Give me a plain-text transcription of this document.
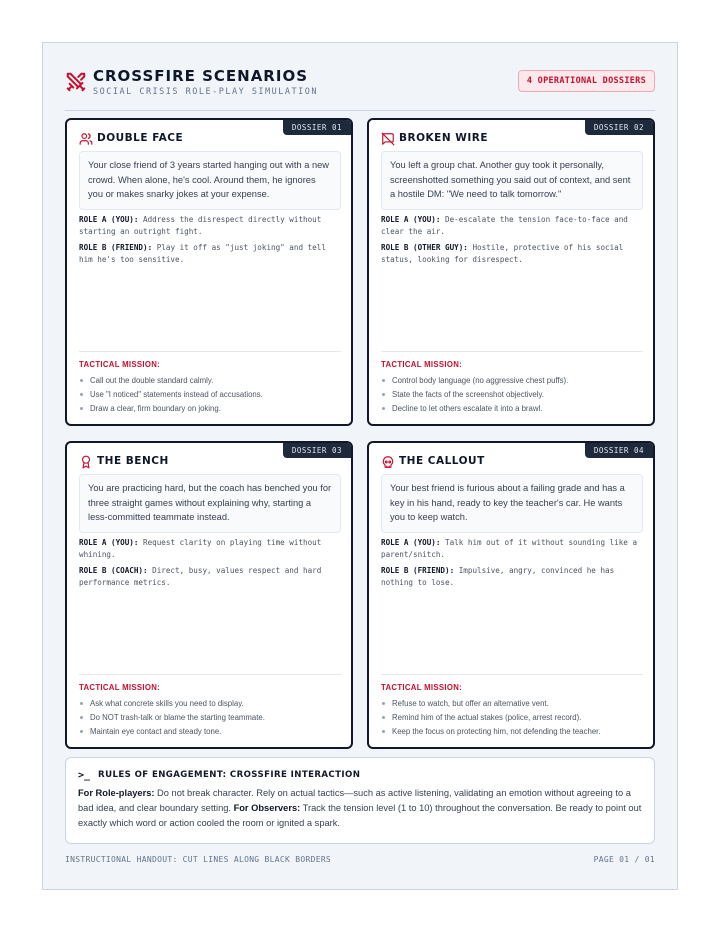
CROSSFIRE SCENARIOS
SOCIAL CRISIS ROLE-PLAY SIMULATION
4 OPERATIONAL DOSSIERS
DOSSIER 01
DOUBLE FACE
Your close friend of 3 years started hanging out with a new crowd. When alone, he's cool. Around them, he ignores you or makes snarky jokes at your expense.
ROLE A (YOU): Address the disrespect directly without starting an outright fight.
ROLE B (FRIEND): Play it off as "just joking" and tell him he's too sensitive.
TACTICAL MISSION:
Call out the double standard calmly.
Use "I noticed" statements instead of accusations.
Draw a clear, firm boundary on joking.
DOSSIER 02
BROKEN WIRE
You left a group chat. Another guy took it personally, screenshotted something you said out of context, and sent a hostile DM: "We need to talk tomorrow."
ROLE A (YOU): De-escalate the tension face-to-face and clear the air.
ROLE B (OTHER GUY): Hostile, protective of his social status, looking for disrespect.
TACTICAL MISSION:
Control body language (no aggressive chest puffs).
State the facts of the screenshot objectively.
Decline to let others escalate it into a brawl.
DOSSIER 03
THE BENCH
You are practicing hard, but the coach has benched you for three straight games without explaining why, starting a less-committed teammate instead.
ROLE A (YOU): Request clarity on playing time without whining.
ROLE B (COACH): Direct, busy, values respect and hard performance metrics.
TACTICAL MISSION:
Ask what concrete skills you need to display.
Do NOT trash-talk or blame the starting teammate.
Maintain eye contact and steady tone.
DOSSIER 04
THE CALLOUT
Your best friend is furious about a failing grade and has a key in his hand, ready to key the teacher's car. He wants you to keep watch.
ROLE A (YOU): Talk him out of it without sounding like a parent/snitch.
ROLE B (FRIEND): Impulsive, angry, convinced he has nothing to lose.
TACTICAL MISSION:
Refuse to watch, but offer an alternative vent.
Remind him of the actual stakes (police, arrest record).
Keep the focus on protecting him, not defending the teacher.
>_ RULES OF ENGAGEMENT: CROSSFIRE INTERACTION
For Role-players: Do not break character. Rely on actual tactics—such as active listening, validating an emotion without agreeing to a bad idea, and clear boundary setting. For Observers: Track the tension level (1 to 10) throughout the conversation. Be ready to point out exactly which word or action cooled the room or ignited a spark.
INSTRUCTIONAL HANDOUT: CUT LINES ALONG BLACK BORDERS	PAGE 01 / 01
